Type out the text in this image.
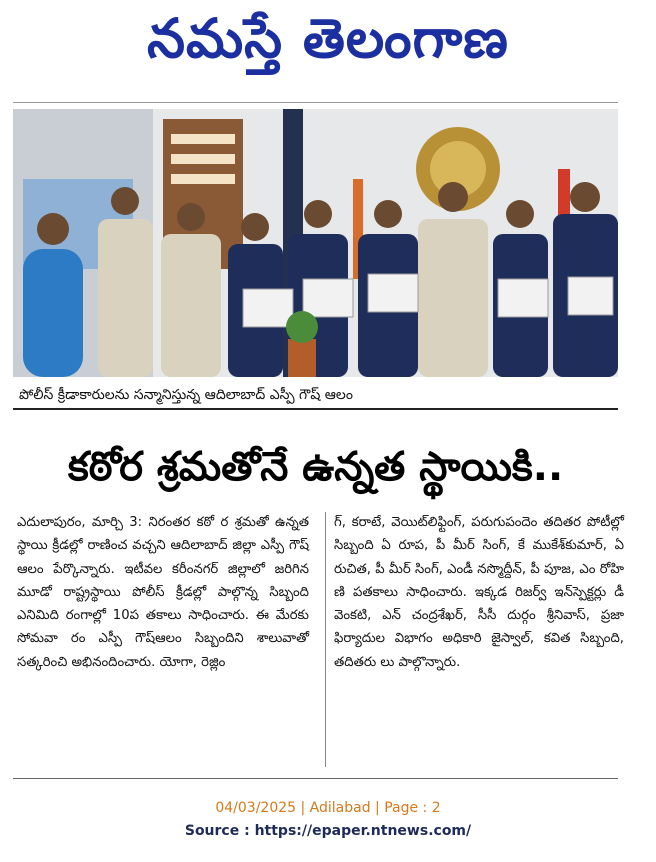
నమస్తే తెలంగాణ
పోలీస్ క్రీడాకారులను సన్మానిస్తున్న ఆదిలాబాద్ ఎస్పీ గౌష్ ఆలం
కఠోర శ్రమతోనే ఉన్నత స్థాయికి..
ఎదులాపురం, మార్చి 3: నిరంతర కఠో ర శ్రమతో ఉన్నత స్థాయి క్రీడల్లో రాణించ వచ్చని ఆదిలాబాద్ జిల్లా ఎస్పీ గౌష్ ఆలం పేర్కొన్నారు. ఇటీవల కరీంనగర్ జిల్లాలో జరిగిన మూడో రాష్ట్రస్థాయి పోలీస్ క్రీడల్లో పాల్గొన్న సిబ్బంది ఎనిమిది రంగాల్లో 10ప తకాలు సాధించారు. ఈ మేరకు సోమవా రం ఎస్పీ గౌష్ఆలం సిబ్బందిని శాలువాతో సత్కరించి అభినందించారు. యోగా, రెజ్లిం
గ్, కరాటే, వెయిట్‌లిఫ్టింగ్, పరుగుపందెం తదితర పోటీల్లో సిబ్బంది ఏ రూప, పీ మీర్ సింగ్, కే ముకేశ్‌కుమార్, ఏ రుచిత, పీ మీర్ సింగ్, ఎండీ నస్మొద్దీన్, పీ పూజ, ఎం రోహి ణి పతకాలు సాధించారు. ఇక్కడ రిజర్వ్ ఇన్‌స్పెక్టర్లు డీ వెంకటి, ఎన్ చంద్రశేఖర్, సీసీ దుర్గం శ్రీనివాస్, ప్రజా ఫిర్యాదుల విభాగం అధికారి జైస్వాల్, కవిత సిబ్బంది, తదితరు లు పాల్గొన్నారు.
04/03/2025 | Adilabad | Page : 2
Source : https://epaper.ntnews.com/
